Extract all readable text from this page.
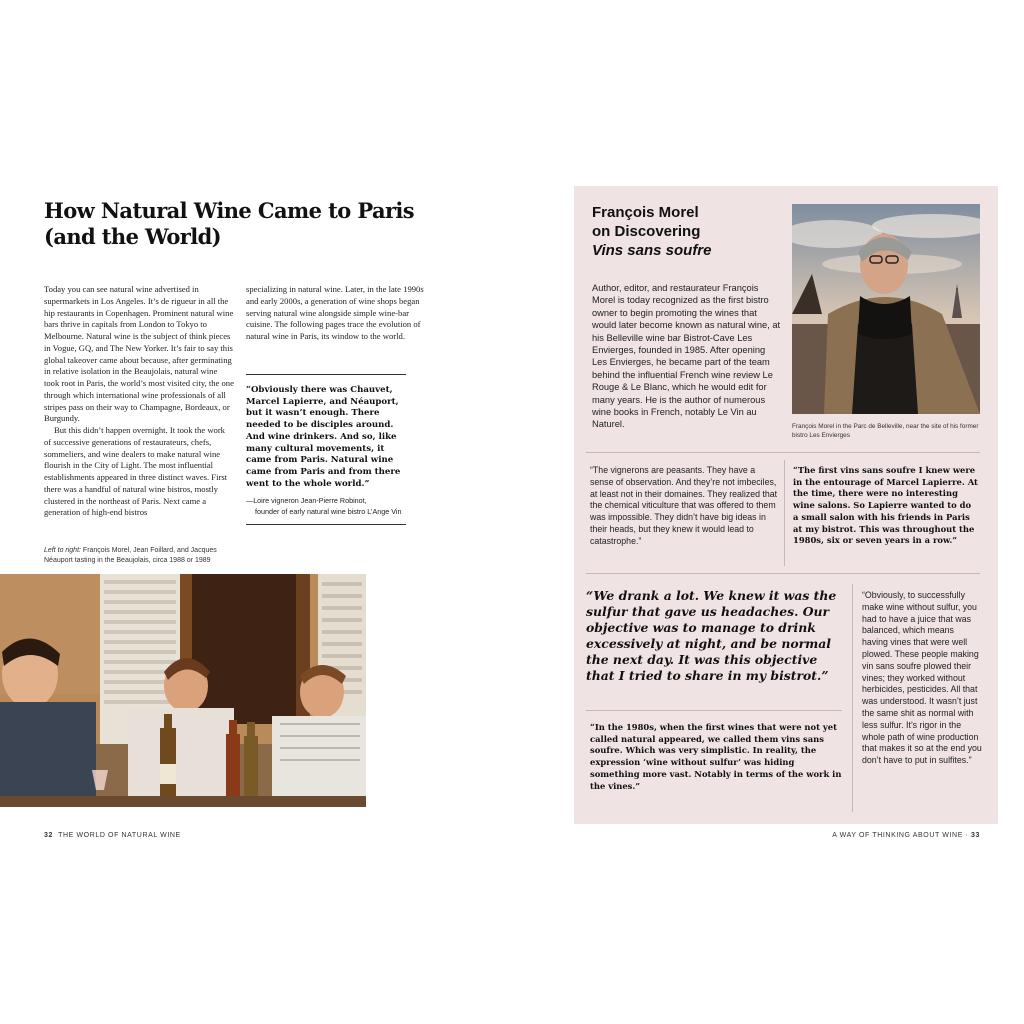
How Natural Wine Came to Paris
(and the World)

Today you can see natural wine advertised in supermarkets in Los Angeles. It’s de rigueur in all the hip restaurants in Copenhagen. Prominent natural wine bars thrive in capitals from London to Tokyo to Melbourne. Natural wine is the subject of think pieces in Vogue, GQ, and The New Yorker. It’s fair to say this global takeover came about because, after germinating in relative isolation in the Beaujolais, natural wine took root in Paris, the world’s most visited city, the one through which international wine professionals of all stripes pass on their way to Champagne, Bordeaux, or Burgundy.

But this didn’t happen overnight. It took the work of successive generations of restaurateurs, chefs, sommeliers, and wine dealers to make natural wine flourish in the City of Light. The most influential establishments appeared in three distinct waves. First there was a handful of natural wine bistros, mostly clustered in the northeast of Paris. Next came a generation of high-end bistros

specializing in natural wine. Later, in the late 1990s and early 2000s, a generation of wine shops began serving natural wine alongside simple wine-bar cuisine. The following pages trace the evolution of natural wine in Paris, its window to the world.

“Obviously there was Chauvet, Marcel Lapierre, and Néauport, but it wasn’t enough. There needed to be disciples around. And wine drinkers. And so, like many cultural movements, it came from Paris. Natural wine came from Paris and from there went to the whole world.”
—Loire vigneron Jean-Pierre Robinot,
founder of early natural wine bistro L’Ange Vin
Left to right: François Morel, Jean Foillard, and Jacques Néauport tasting in the Beaujolais, circa 1988 or 1989
32 THE WORLD OF NATURAL WINE
François Morel
on Discovering
Vins sans soufre
Author, editor, and restaurateur François Morel is today recognized as the first bistro owner to begin promoting the wines that would later become known as natural wine, at his Belleville wine bar Bistrot-Cave Les Envierges, founded in 1985. After opening Les Envierges, he became part of the team behind the influential French wine review Le Rouge & Le Blanc, which he would edit for many years. He is the author of numerous wine books in French, notably Le Vin au Naturel.	François Morel in the Parc de Belleville, near the site of his former bistro Les Envierges
“The vignerons are peasants. They have a sense of observation. And they’re not imbeciles, at least not in their domaines. They realized that the chemical viticulture that was offered to them was impossible. They didn’t have big ideas in their heads, but they knew it would lead to catastrophe.”
“The first vins sans soufre I knew were in the entourage of Marcel Lapierre. At the time, there were no interesting wine salons. So Lapierre wanted to do a small salon with his friends in Paris at my bistrot. This was throughout the 1980s, six or seven years in a row.”
“We drank a lot. We knew it was the sulfur that gave us headaches. Our objective was to manage to drink excessively at night, and be normal the next day. It was this objective that I tried to share in my bistrot.”
“In the 1980s, when the first wines that were not yet called natural appeared, we called them vins sans soufre. Which was very simplistic. In reality, the expression ‘wine without sulfur’ was hiding something more vast. Notably in terms of the work in the vines.”
“Obviously, to successfully make wine without sulfur, you had to have a juice that was balanced, which means having vines that were well plowed. These people making vin sans soufre plowed their vines; they worked without herbicides, pesticides. All that was understood. It wasn’t just the same shit as normal with less sulfur. It’s rigor in the whole path of wine production that makes it so at the end you don’t have to put in sulfites.”
A WAY OF THINKING ABOUT WINE · 33
